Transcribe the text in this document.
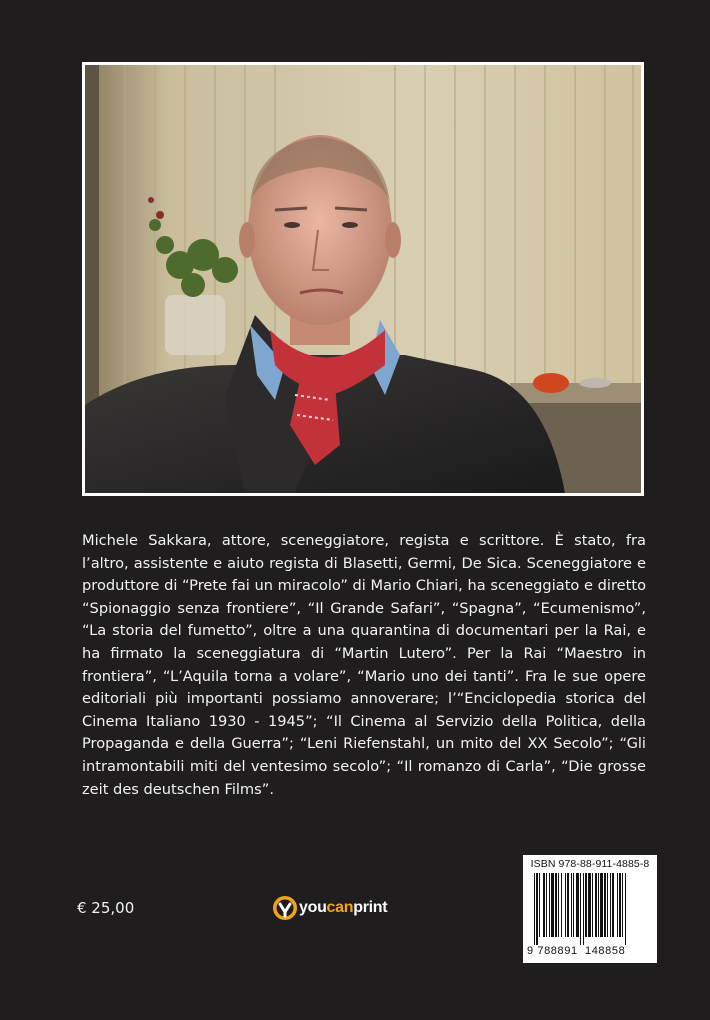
Michele Sakkara, attore, sceneggiatore, regista e scrittore. È stato, fra l’altro, assistente e aiuto regista di Blasetti, Germi, De Sica. Sceneggiatore e produttore di “Prete fai un miracolo” di Mario Chiari, ha sceneggiato e diretto “Spionaggio senza frontiere”, “Il Grande Safari”, “Spagna”, “Ecumenismo”, “La storia del fumetto”, oltre a una quarantina di documentari per la Rai, e ha firmato la sceneggiatura di “Martin Lutero”. Per la Rai “Maestro in frontiera”, “L’Aquila torna a volare”, “Mario uno dei tanti”. Fra le sue opere editoriali più importanti possiamo annoverare; l’“Enciclopedia storica del Cinema Italiano 1930 - 1945”; “Il Cinema al Servizio della Politica, della Propaganda e della Guerra”; “Leni Riefenstahl, un mito del XX Secolo”; “Gli intramontabili miti del ventesimo secolo”; “Il romanzo di Carla”, “Die grosse zeit des deutschen Films”.

€ 25,00	youcanprint
ISBN 978-88-911-4885-8
9 788891 148858
